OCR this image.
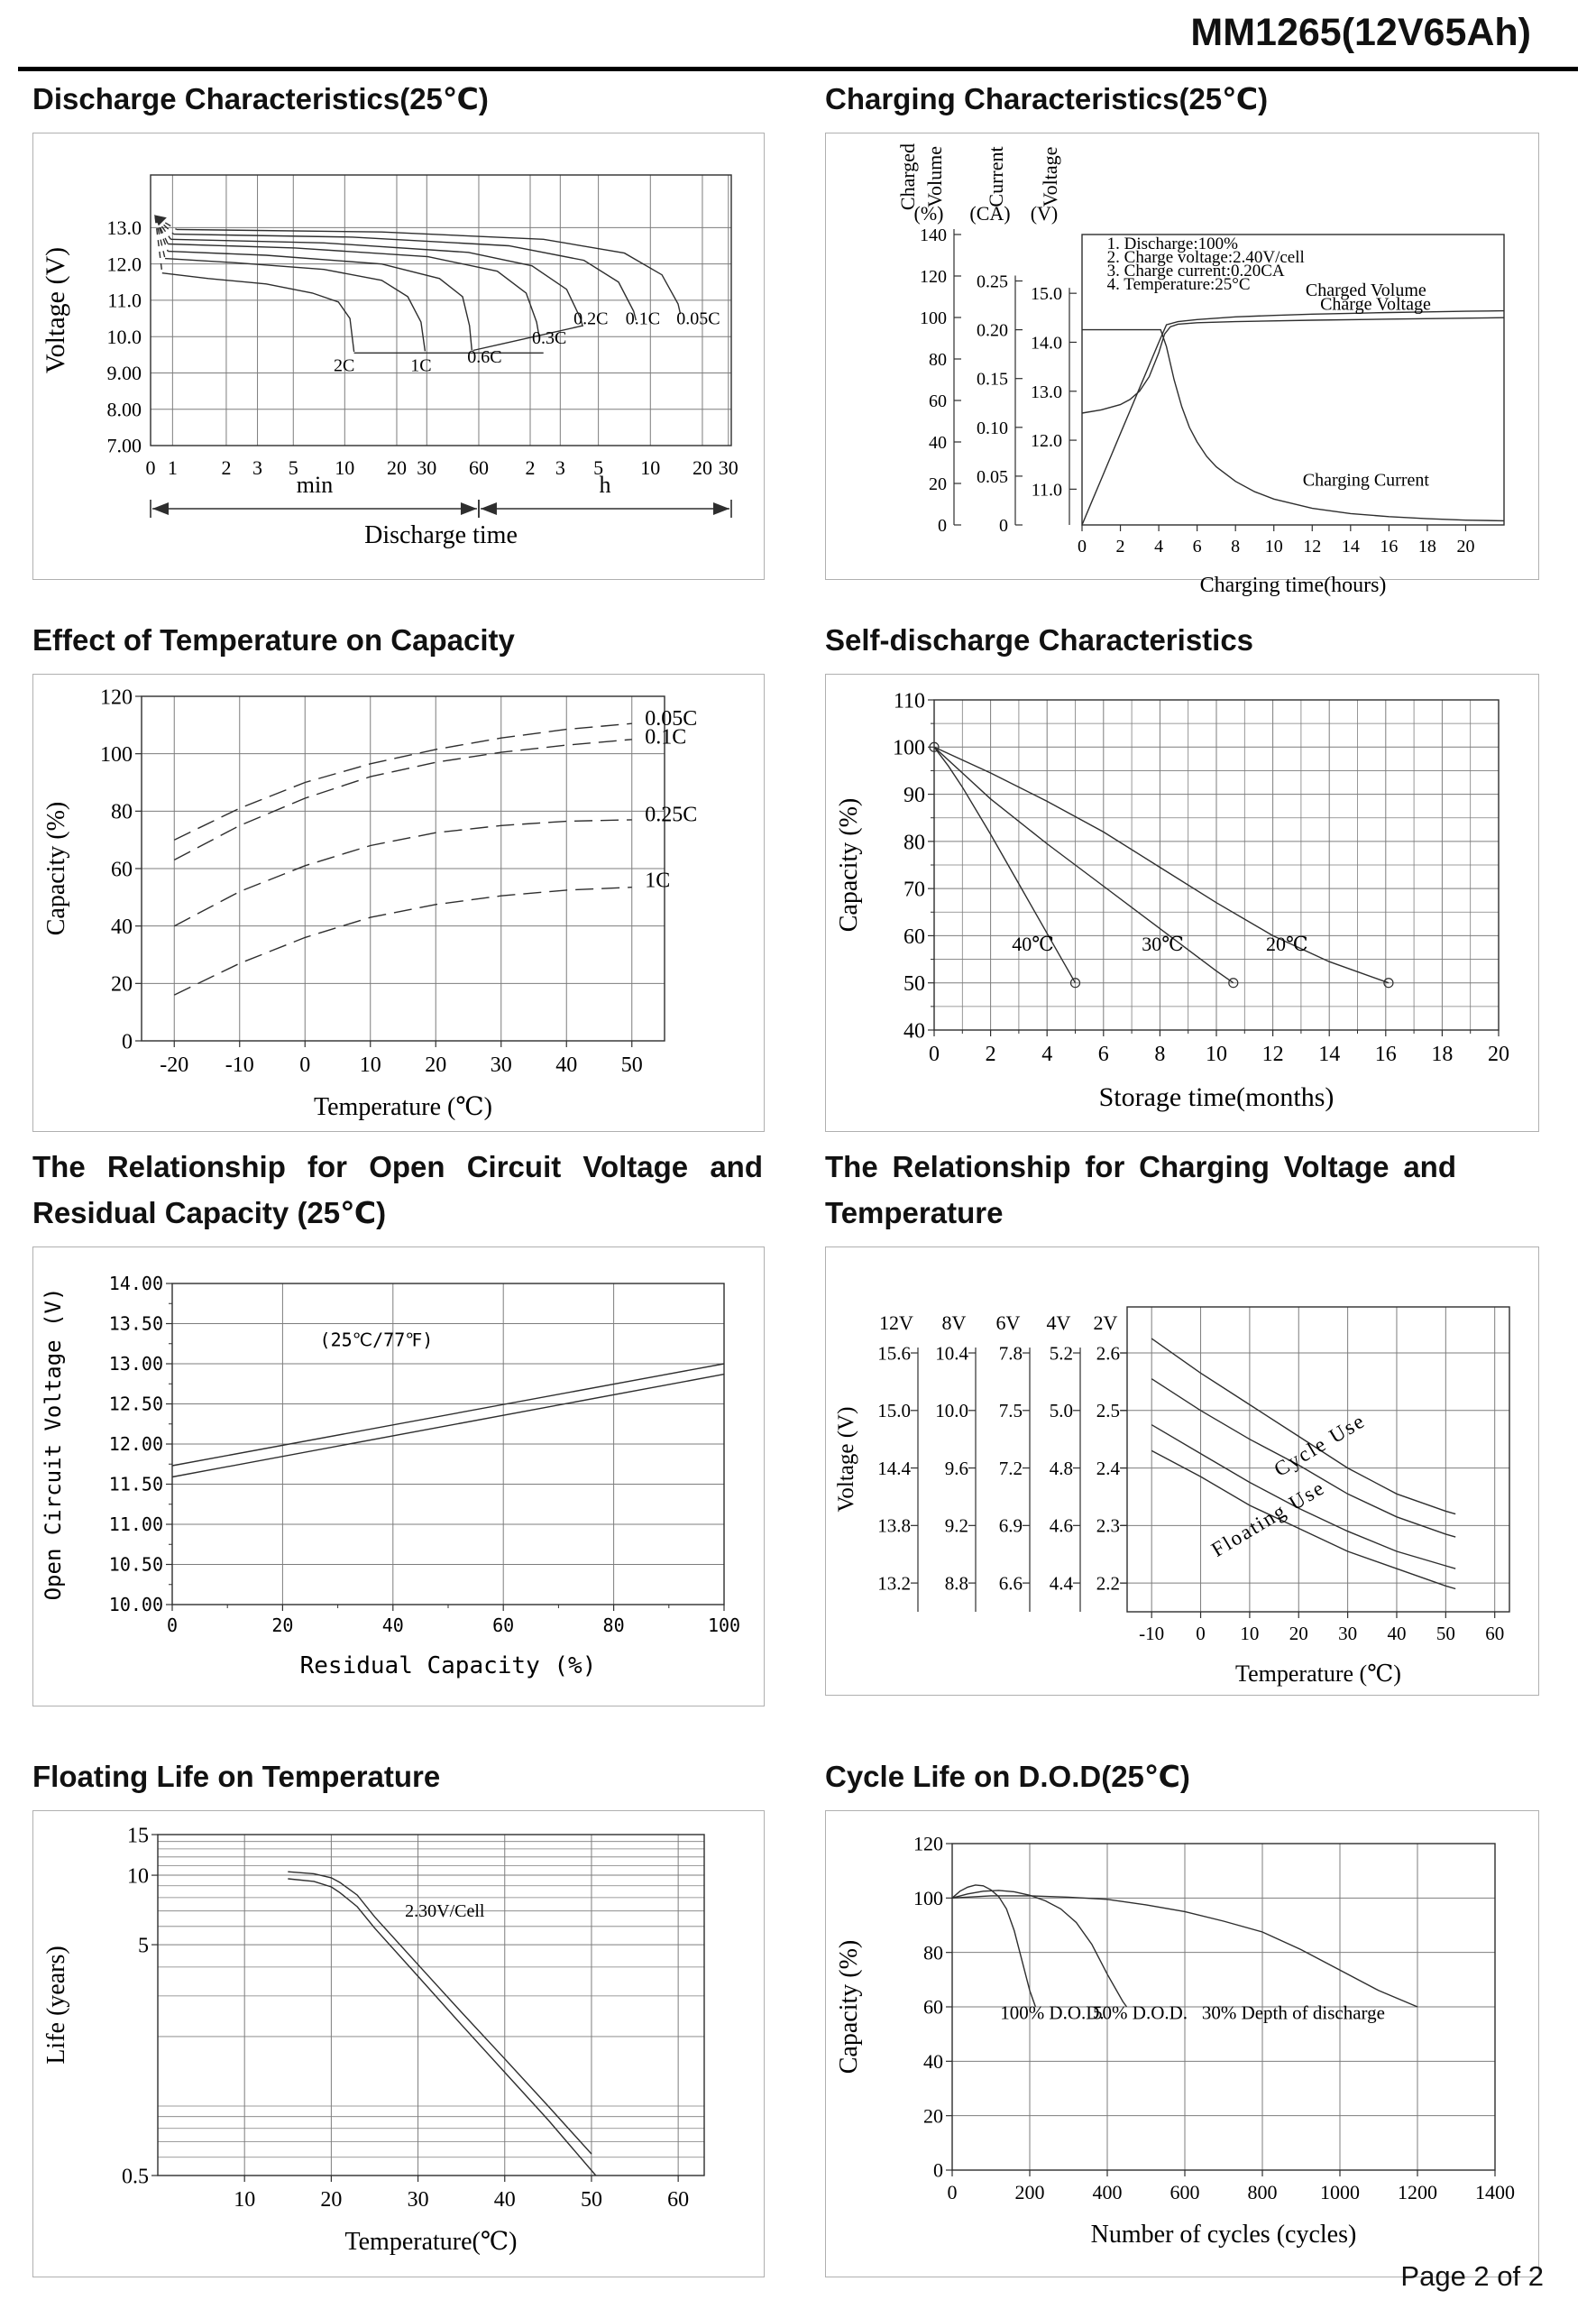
MM1265(12V65Ah)
Discharge Characteristics(25℃)
0 1 2 3 5 10 20 30 60 2 3 5 10 20 30
13.0
12.0
11.0
10.0
9.00
8.00
7.00
2C	1C 0.6C
0.3C
0.2C 0.1C 0.05C
min	h
Discharge time
Voltage (V)
Charging Characteristics(25℃)
0 2 4 6 8 10 12 14 16 18 20
140
120
100
80
60
40
20
0
Charged Volume
(%)
0.25
0.20
0.15
0.10
0.05
0
Current
(CA)
15.0
14.0
13.0
12.0
11.0
Voltage
(V)
1. Discharge:100%
2. Charge voltage:2.40V/cell
3. Charge current:0.20CA
4. Temperature:25°C	Charged Volume
Charge Voltage
Charging Current
Charging time(hours)
Effect of Temperature on Capacity
-20 -10 0 10 20 30 40 50
120
100
80
60
40
20
0
0.05C
0.1C
0.25C
1C
Temperature (℃)
Capacity (%)
Self-discharge Characteristics
0 2 4 6 8 10 12 14 16 18 20
110
100
90
80
70
60
50
40
40℃	30℃	20℃
Storage time(months)
Capacity (%)
The Relationship for Open Circuit Voltage and Residual Capacity (25℃)
0	20	40	60	80	100
14.00
13.50
13.00
12.50
12.00
11.50
11.00
10.50
10.00
(25℃/77℉)
Residual Capacity (%)
Open Circuit Voltage (V)
The Relationship for Charging Voltage and Temperature
-10 0 10 20 30 40 50 60
15.6
15.0
14.4
13.8
13.2
12V
10.4
10.0
9.6
9.2
8.8
8V
7.8
7.5
7.2
6.9
6.6
6V
5.2
5.0
4.8
4.6
4.4
4V
2.6
2.5
2.4
2.3
2.2
2V
Cycle Use
Floating Use
Temperature (℃)
Voltage (V)
Floating Life on Temperature
10	20	30	40	50	60
15
10
5
0.5
2.30V/Cell
Temperature(℃)
Life (years)
Cycle Life on D.O.D(25℃)
0	200 400 600 800 1000 1200 1400
120
100
80
60
40
20
0
100% D.O.D.
50% D.O.D. 30% Depth of discharge
Number of cycles (cycles)
Capacity (%)
Page 2 of 2
